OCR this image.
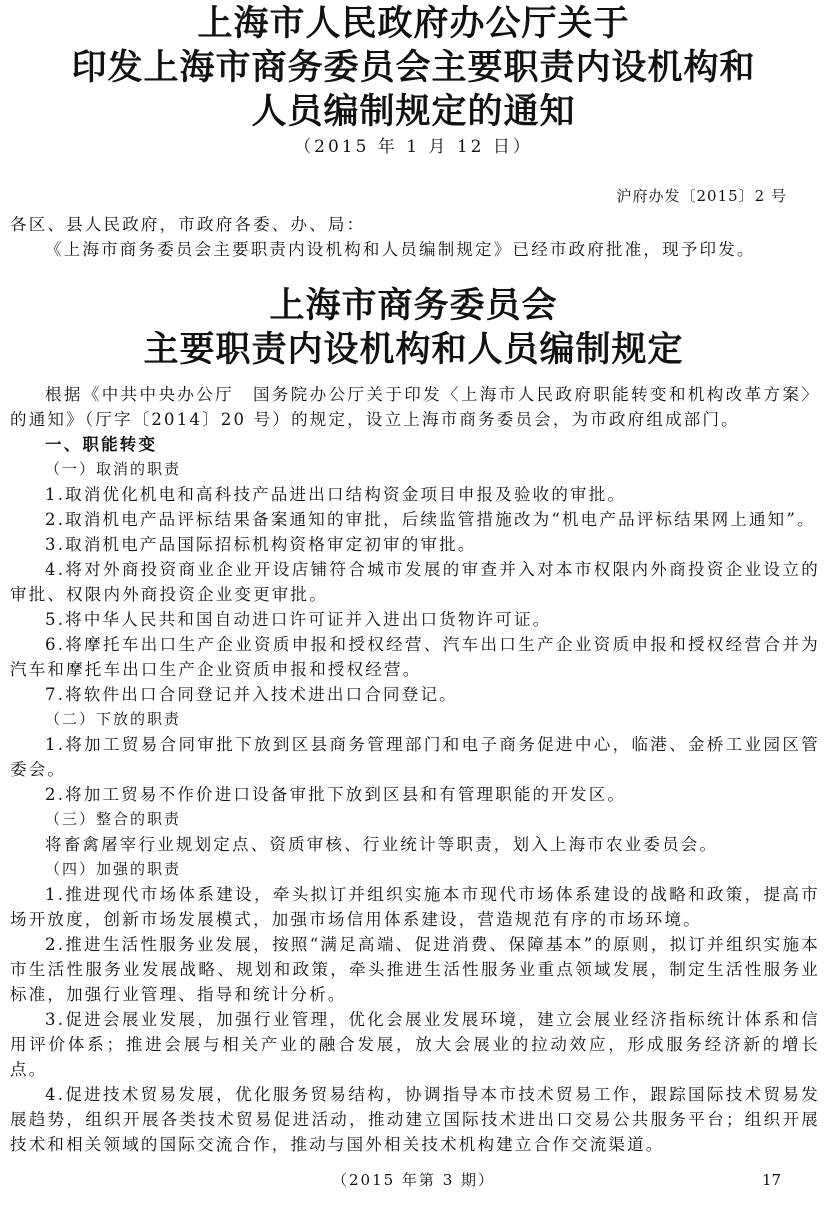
上海市人民政府办公厅关于
印发上海市商务委员会主要职责内设机构和
人员编制规定的通知
（2015 年 1 月 12 日）
沪府办发〔2015〕2 号

各区、县人民政府，市政府各委、办、局：

《上海市商务委员会主要职责内设机构和人员编制规定》已经市政府批准，现予印发。

上海市商务委员会
主要职责内设机构和人员编制规定

根据《中共中央办公厅　国务院办公厅关于印发〈上海市人民政府职能转变和机构改革方案〉的通知》（厅字〔2014〕20 号）的规定，设立上海市商务委员会，为市政府组成部门。

一、职能转变

（一）取消的职责

1.取消优化机电和高科技产品进出口结构资金项目申报及验收的审批。

2.取消机电产品评标结果备案通知的审批，后续监管措施改为“机电产品评标结果网上通知”。

3.取消机电产品国际招标机构资格审定初审的审批。

4.将对外商投资商业企业开设店铺符合城市发展的审查并入对本市权限内外商投资企业设立的审批、权限内外商投资企业变更审批。

5.将中华人民共和国自动进口许可证并入进出口货物许可证。

6.将摩托车出口生产企业资质申报和授权经营、汽车出口生产企业资质申报和授权经营合并为汽车和摩托车出口生产企业资质申报和授权经营。

7.将软件出口合同登记并入技术进出口合同登记。

（二）下放的职责

1.将加工贸易合同审批下放到区县商务管理部门和电子商务促进中心，临港、金桥工业园区管委会。

2.将加工贸易不作价进口设备审批下放到区县和有管理职能的开发区。

（三）整合的职责

将畜禽屠宰行业规划定点、资质审核、行业统计等职责，划入上海市农业委员会。

（四）加强的职责

1.推进现代市场体系建设，牵头拟订并组织实施本市现代市场体系建设的战略和政策，提高市场开放度，创新市场发展模式，加强市场信用体系建设，营造规范有序的市场环境。

2.推进生活性服务业发展，按照“满足高端、促进消费、保障基本”的原则，拟订并组织实施本市生活性服务业发展战略、规划和政策，牵头推进生活性服务业重点领域发展，制定生活性服务业标准，加强行业管理、指导和统计分析。

3.促进会展业发展，加强行业管理，优化会展业发展环境，建立会展业经济指标统计体系和信用评价体系；推进会展与相关产业的融合发展，放大会展业的拉动效应，形成服务经济新的增长点。

4.促进技术贸易发展，优化服务贸易结构，协调指导本市技术贸易工作，跟踪国际技术贸易发展趋势，组织开展各类技术贸易促进活动，推动建立国际技术进出口交易公共服务平台；组织开展技术和相关领域的国际交流合作，推动与国外相关技术机构建立合作交流渠道。

（2015 年第 3 期）	17
